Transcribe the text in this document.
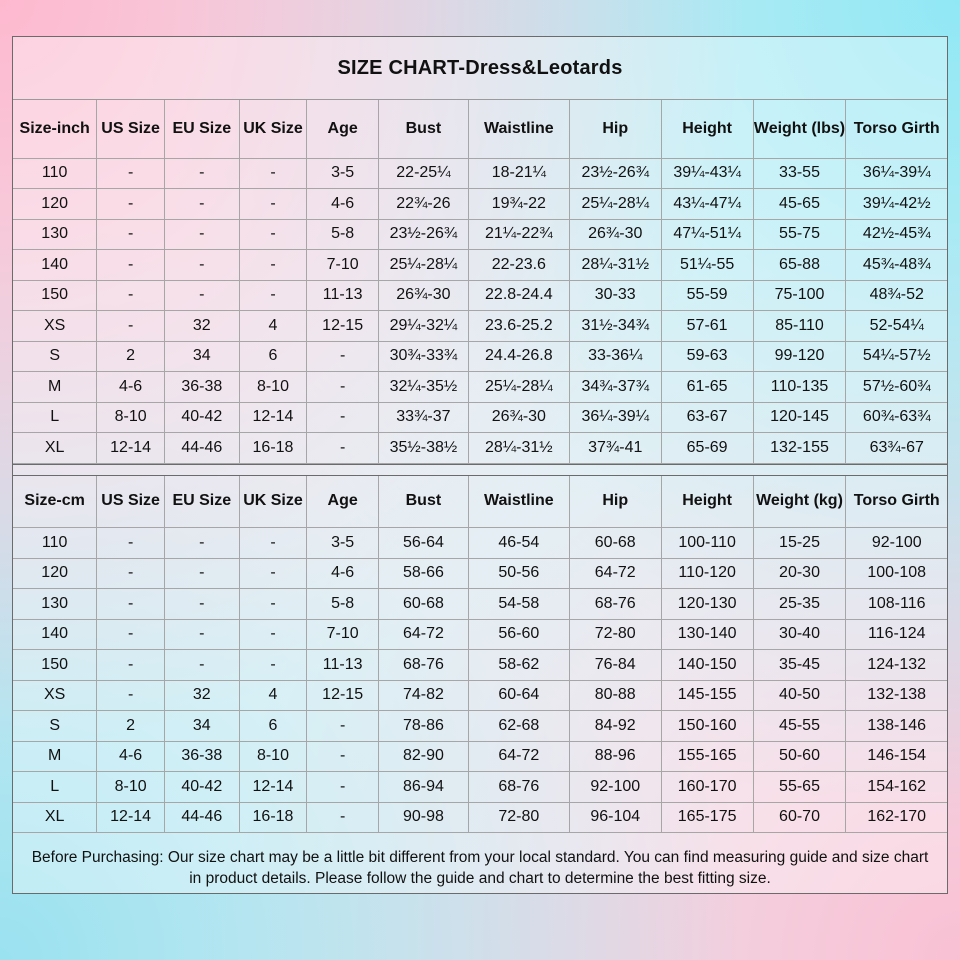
SIZE CHART-Dress&Leotards
Size-inch	US Size	EU Size	UK Size	Age	Bust	Waistline	Hip	Height	Weight (lbs)	Torso Girth
110	-	-	-	3-5	22-25¼	18-21¼	23½-26¾	39¼-43¼	33-55	36¼-39¼
120	-	-	-	4-6	22¾-26	19¾-22	25¼-28¼	43¼-47¼	45-65	39¼-42½
130	-	-	-	5-8	23½-26¾	21¼-22¾	26¾-30	47¼-51¼	55-75	42½-45¾
140	-	-	-	7-10	25¼-28¼	22-23.6	28¼-31½	51¼-55	65-88	45¾-48¾
150	-	-	-	11-13	26¾-30	22.8-24.4	30-33	55-59	75-100	48¾-52
XS	-	32	4	12-15	29¼-32¼	23.6-25.2	31½-34¾	57-61	85-110	52-54¼
S	2	34	6	-	30¾-33¾	24.4-26.8	33-36¼	59-63	99-120	54¼-57½
M	4-6	36-38	8-10	-	32¼-35½	25¼-28¼	34¾-37¾	61-65	110-135	57½-60¾
L	8-10	40-42	12-14	-	33¾-37	26¾-30	36¼-39¼	63-67	120-145	60¾-63¾
XL	12-14	44-46	16-18	-	35½-38½	28¼-31½	37¾-41	65-69	132-155	63¾-67
Size-cm	US Size	EU Size	UK Size	Age	Bust	Waistline	Hip	Height	Weight (kg)	Torso Girth
110	-	-	-	3-5	56-64	46-54	60-68	100-110	15-25	92-100
120	-	-	-	4-6	58-66	50-56	64-72	110-120	20-30	100-108
130	-	-	-	5-8	60-68	54-58	68-76	120-130	25-35	108-116
140	-	-	-	7-10	64-72	56-60	72-80	130-140	30-40	116-124
150	-	-	-	11-13	68-76	58-62	76-84	140-150	35-45	124-132
XS	-	32	4	12-15	74-82	60-64	80-88	145-155	40-50	132-138
S	2	34	6	-	78-86	62-68	84-92	150-160	45-55	138-146
M	4-6	36-38	8-10	-	82-90	64-72	88-96	155-165	50-60	146-154
L	8-10	40-42	12-14	-	86-94	68-76	92-100	160-170	55-65	154-162
XL	12-14	44-46	16-18	-	90-98	72-80	96-104	165-175	60-70	162-170
Before Purchasing: Our size chart may be a little bit different from your local standard. You can find measuring guide and size chart in product details. Please follow the guide and chart to determine the best fitting size.
